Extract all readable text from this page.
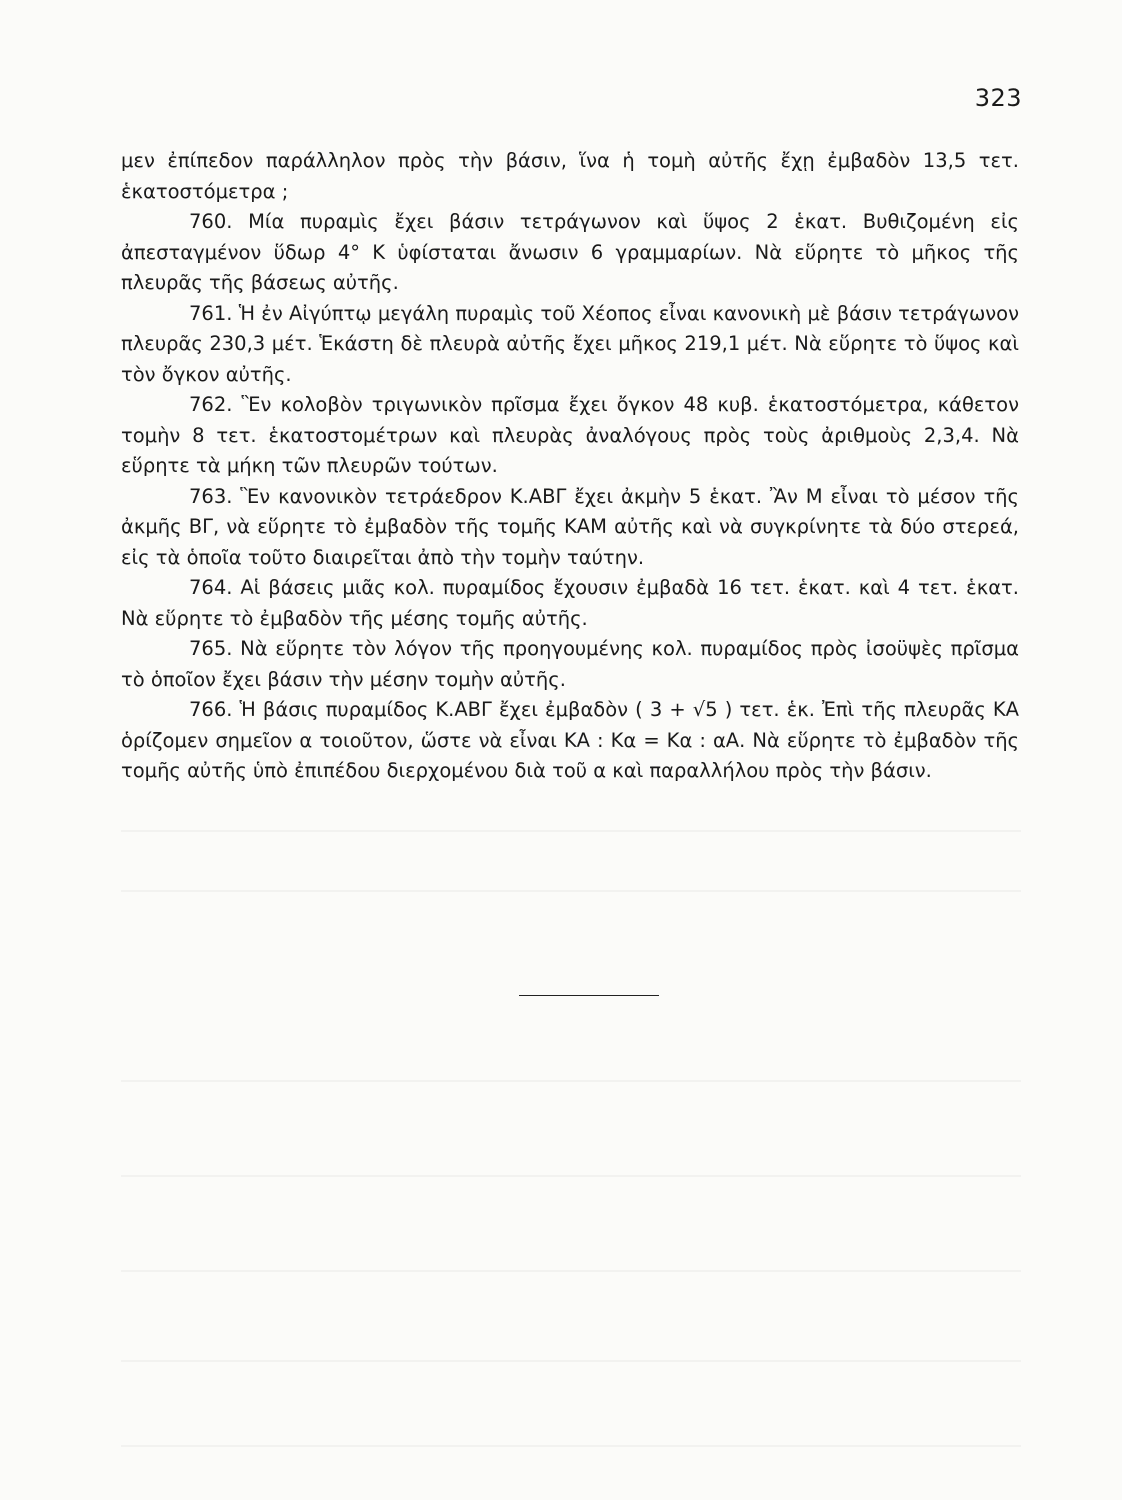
323

μεν ἐπίπεδον παράλληλον πρὸς τὴν βάσιν, ἵνα ἡ τομὴ αὐτῆς ἔχῃ ἐμβαδὸν 13,5 τετ. ἑκατοστόμετρα ;

760. Μία πυραμὶς ἔχει βάσιν τετράγωνον καὶ ὕψος 2 ἑκατ. Βυθιζομένη εἰς ἀπεσταγμένον ὕδωρ 4° Κ ὑφίσταται ἄνωσιν 6 γραμμαρίων. Νὰ εὕρητε τὸ μῆκος τῆς πλευρᾶς τῆς βάσεως αὐτῆς.

761. Ἡ ἐν Αἰγύπτῳ μεγάλη πυραμὶς τοῦ Χέοπος εἶναι κανονικὴ μὲ βάσιν τετράγωνον πλευρᾶς 230,3 μέτ. Ἑκάστη δὲ πλευρὰ αὐτῆς ἔχει μῆκος 219,1 μέτ. Νὰ εὕρητε τὸ ὕψος καὶ τὸν ὄγκον αὐτῆς.

762. Ἓν κολοβὸν τριγωνικὸν πρῖσμα ἔχει ὄγκον 48 κυβ. ἑκατοστόμετρα, κάθετον τομὴν 8 τετ. ἑκατοστομέτρων καὶ πλευρὰς ἀναλόγους πρὸς τοὺς ἀριθμοὺς 2,3,4. Νὰ εὕρητε τὰ μήκη τῶν πλευρῶν τούτων.

763. Ἓν κανονικὸν τετράεδρον Κ.ΑΒΓ ἔχει ἀκμὴν 5 ἑκατ. Ἂν Μ εἶναι τὸ μέσον τῆς ἀκμῆς ΒΓ, νὰ εὕρητε τὸ ἐμβαδὸν τῆς τομῆς ΚΑΜ αὐτῆς καὶ νὰ συγκρίνητε τὰ δύο στερεά, εἰς τὰ ὁποῖα τοῦτο διαιρεῖται ἀπὸ τὴν τομὴν ταύτην.

764. Αἱ βάσεις μιᾶς κολ. πυραμίδος ἔχουσιν ἐμβαδὰ 16 τετ. ἑκατ. καὶ 4 τετ. ἑκατ. Νὰ εὕρητε τὸ ἐμβαδὸν τῆς μέσης τομῆς αὐτῆς.

765. Νὰ εὕρητε τὸν λόγον τῆς προηγουμένης κολ. πυραμίδος πρὸς ἰσοϋψὲς πρῖσμα τὸ ὁποῖον ἔχει βάσιν τὴν μέσην τομὴν αὐτῆς.

766. Ἡ βάσις πυραμίδος Κ.ΑΒΓ ἔχει ἐμβαδὸν ( 3 + √5 ) τετ. ἑκ. Ἐπὶ τῆς πλευρᾶς ΚΑ ὁρίζομεν σημεῖον α τοιοῦτον, ὥστε νὰ εἶναι ΚΑ : Κα = Κα : αΑ. Νὰ εὕρητε τὸ ἐμβαδὸν τῆς τομῆς αὐτῆς ὑπὸ ἐπιπέδου διερχομένου διὰ τοῦ α καὶ παραλλήλου πρὸς τὴν βάσιν.
